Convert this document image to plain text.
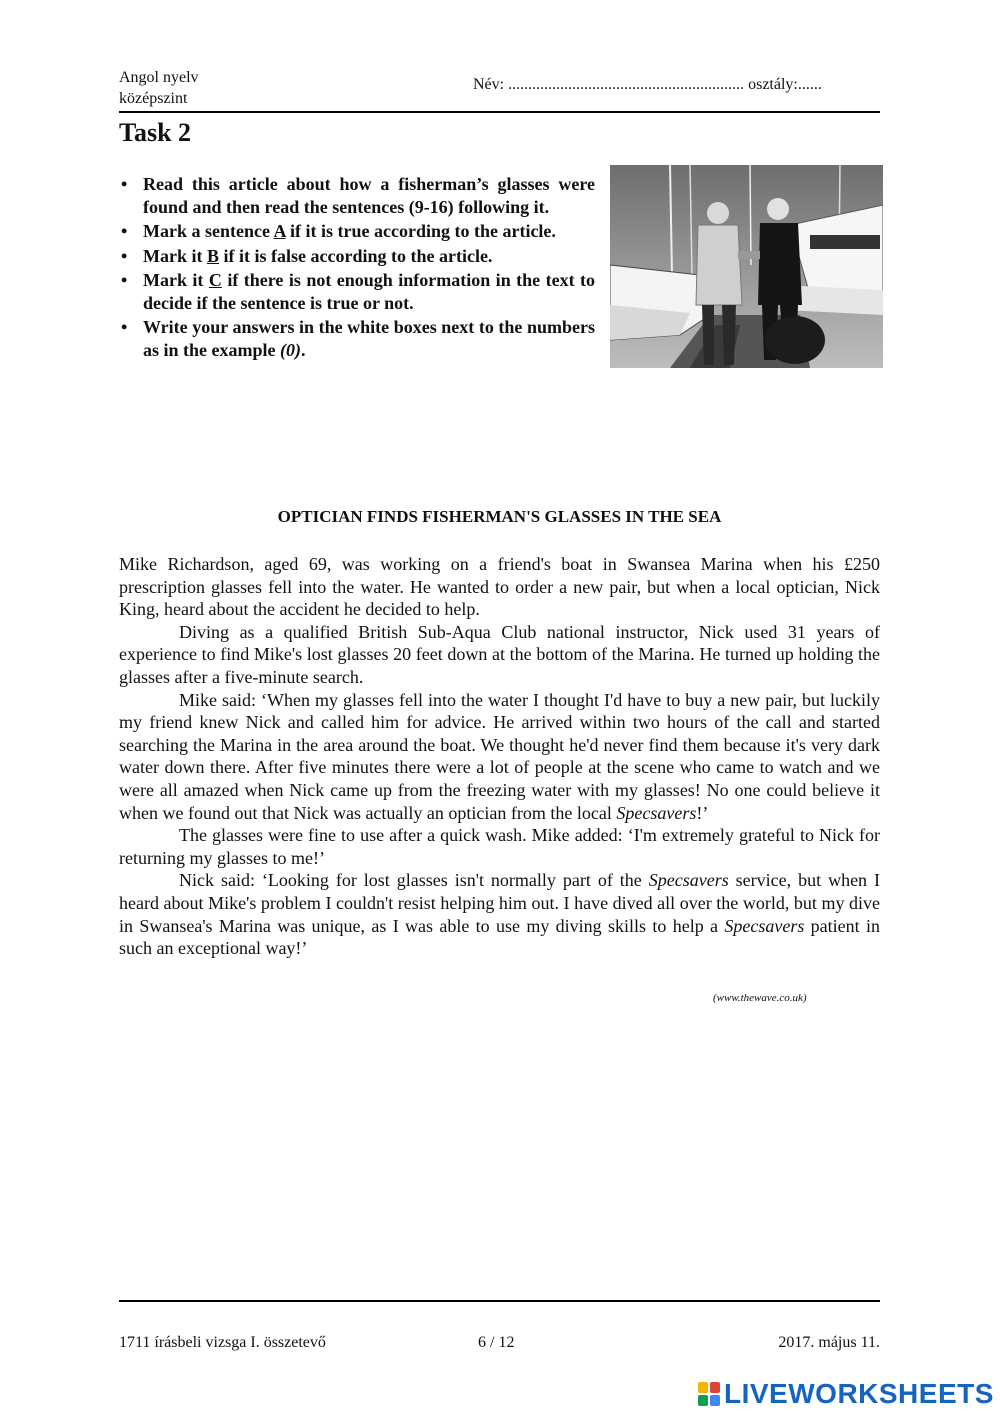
Angol nyelv
középszint
Név: ........................................................... osztály:......
Task 2
• Read this article about how a fisherman’s glasses were found and then read the sentences (9-16) following it.
• Mark a sentence A if it is true according to the article.
• Mark it B if it is false according to the article.
• Mark it C if there is not enough information in the text to decide if the sentence is true or not.
• Write your answers in the white boxes next to the numbers as in the example (0).
OPTICIAN FINDS FISHERMAN'S GLASSES IN THE SEA

Mike Richardson, aged 69, was working on a friend's boat in Swansea Marina when his £250 prescription glasses fell into the water. He wanted to order a new pair, but when a local optician, Nick King, heard about the accident he decided to help.

Diving as a qualified British Sub-Aqua Club national instructor, Nick used 31 years of experience to find Mike's lost glasses 20 feet down at the bottom of the Marina. He turned up holding the glasses after a five-minute search.

Mike said: ‘When my glasses fell into the water I thought I'd have to buy a new pair, but luckily my friend knew Nick and called him for advice. He arrived within two hours of the call and started searching the Marina in the area around the boat. We thought he'd never find them because it's very dark water down there. After five minutes there were a lot of people at the scene who came to watch and we were all amazed when Nick came up from the freezing water with my glasses! No one could believe it when we found out that Nick was actually an optician from the local Specsavers!’

The glasses were fine to use after a quick wash. Mike added: ‘I'm extremely grateful to Nick for returning my glasses to me!’

Nick said: ‘Looking for lost glasses isn't normally part of the Specsavers service, but when I heard about Mike's problem I couldn't resist helping him out. I have dived all over the world, but my dive in Swansea's Marina was unique, as I was able to use my diving skills to help a Specsavers patient in such an exceptional way!’

(www.thewave.co.uk)
1711 írásbeli vizsga I. összetevő	6 / 12	2017. május 11.
LIVEWORKSHEETS
